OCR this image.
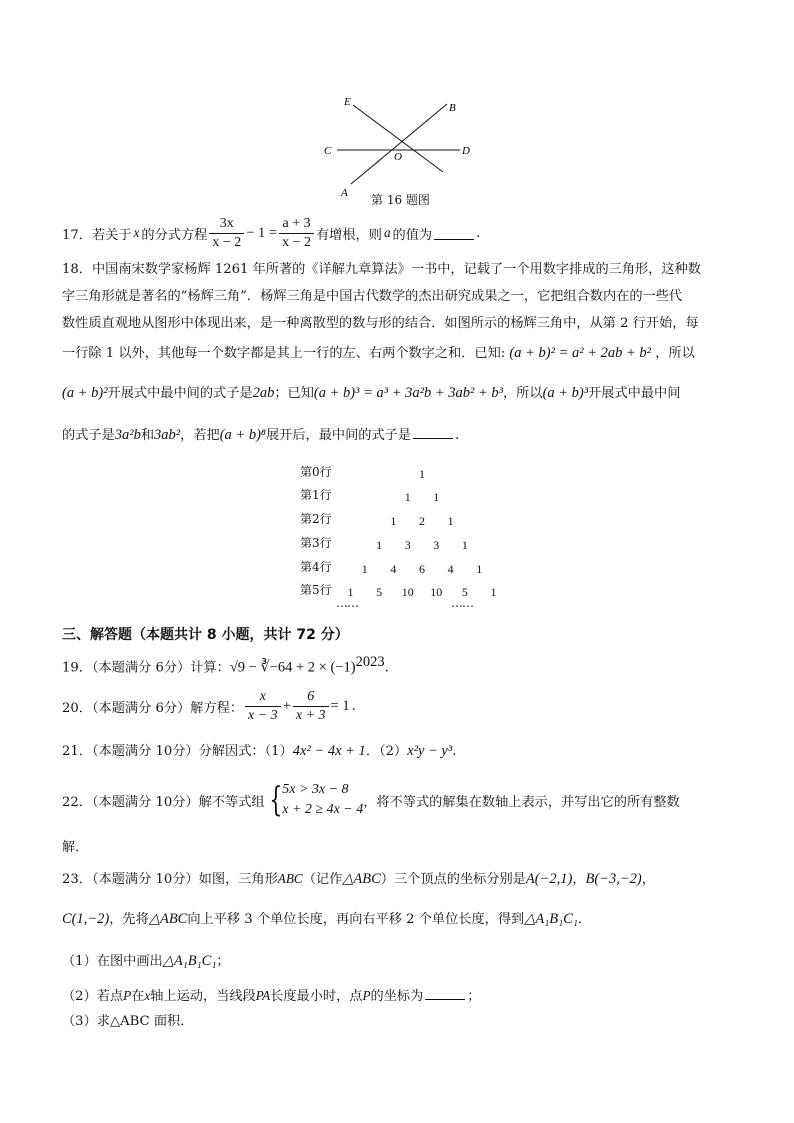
E	B
C	O	D
A 第 16 题图
17． 若关于 x 的分式方程 $\frac{3x}{x - 2} - 1 = \frac{a + 3}{x - 2}$ 有增根，则 a 的值为	.
18．中国南宋数学家杨辉 1261 年所著的《详解九章算法》一书中，记载了一个用数字排成的三角形，这种数
字三角形就是著名的“杨辉三角”．杨辉三角是中国古代数学的杰出研究成果之一，它把组合数内在的一些代
数性质直观地从图形中体现出来，是一种离散型的数与形的结合．如图所示的杨辉三角中，从第 2 行开始，每
一行除 1 以外，其他每一个数字都是其上一行的左、右两个数字之和．已知: (a + b)² = a² + 2ab + b² ，所以
(a + b)²开展式中最中间的式子是2ab；已知(a + b)³ = a³ + 3a²b + 3ab² + b³，所以(a + b)³开展式中最中间
的式子是3a²b和3ab²，若把(a + b)⁸展开后，最中间的式子是	.
第0行	1
第1行	1 1
第2行	1 2 1
第3行	1 3 3 1
第4行	1 4 6 4 1
第5行 1 5 10 10 5 1
……	……
三、解答题（本题共计 8 小题，共计 72 分）
19．（本题满分 6分）计算：√9 − ∛−64 + $2 \times (-1)^{2023}$.
20．（本题满分 6分）解方程： $\frac{x}{x - 3} + \frac{6}{x + 3} = 1$ .
21．（本题满分 10分）分解因式：（1）4x² − 4x + 1．（2）x²y − y³.
22．（本题满分 10分）解不等式组 { 5x > 3x − 8
x + 2 ≥ 4x − 4 ，将不等式的解集在数轴上表示，并写出它的所有整数
解．
23．（本题满分 10分）如图，三角形ABC（记作△ABC）三个顶点的坐标分别是A(−2,1)，B(−3,−2)，
C(1,−2)，先将△ABC向上平移 3 个单位长度，再向右平移 2 个单位长度，得到△A₁B₁C₁．
（1）在图中画出△A₁B₁C₁；
（2）若点P在x轴上运动，当线段PA长度最小时，点P的坐标为	；
（3）求△ABC 面积．
